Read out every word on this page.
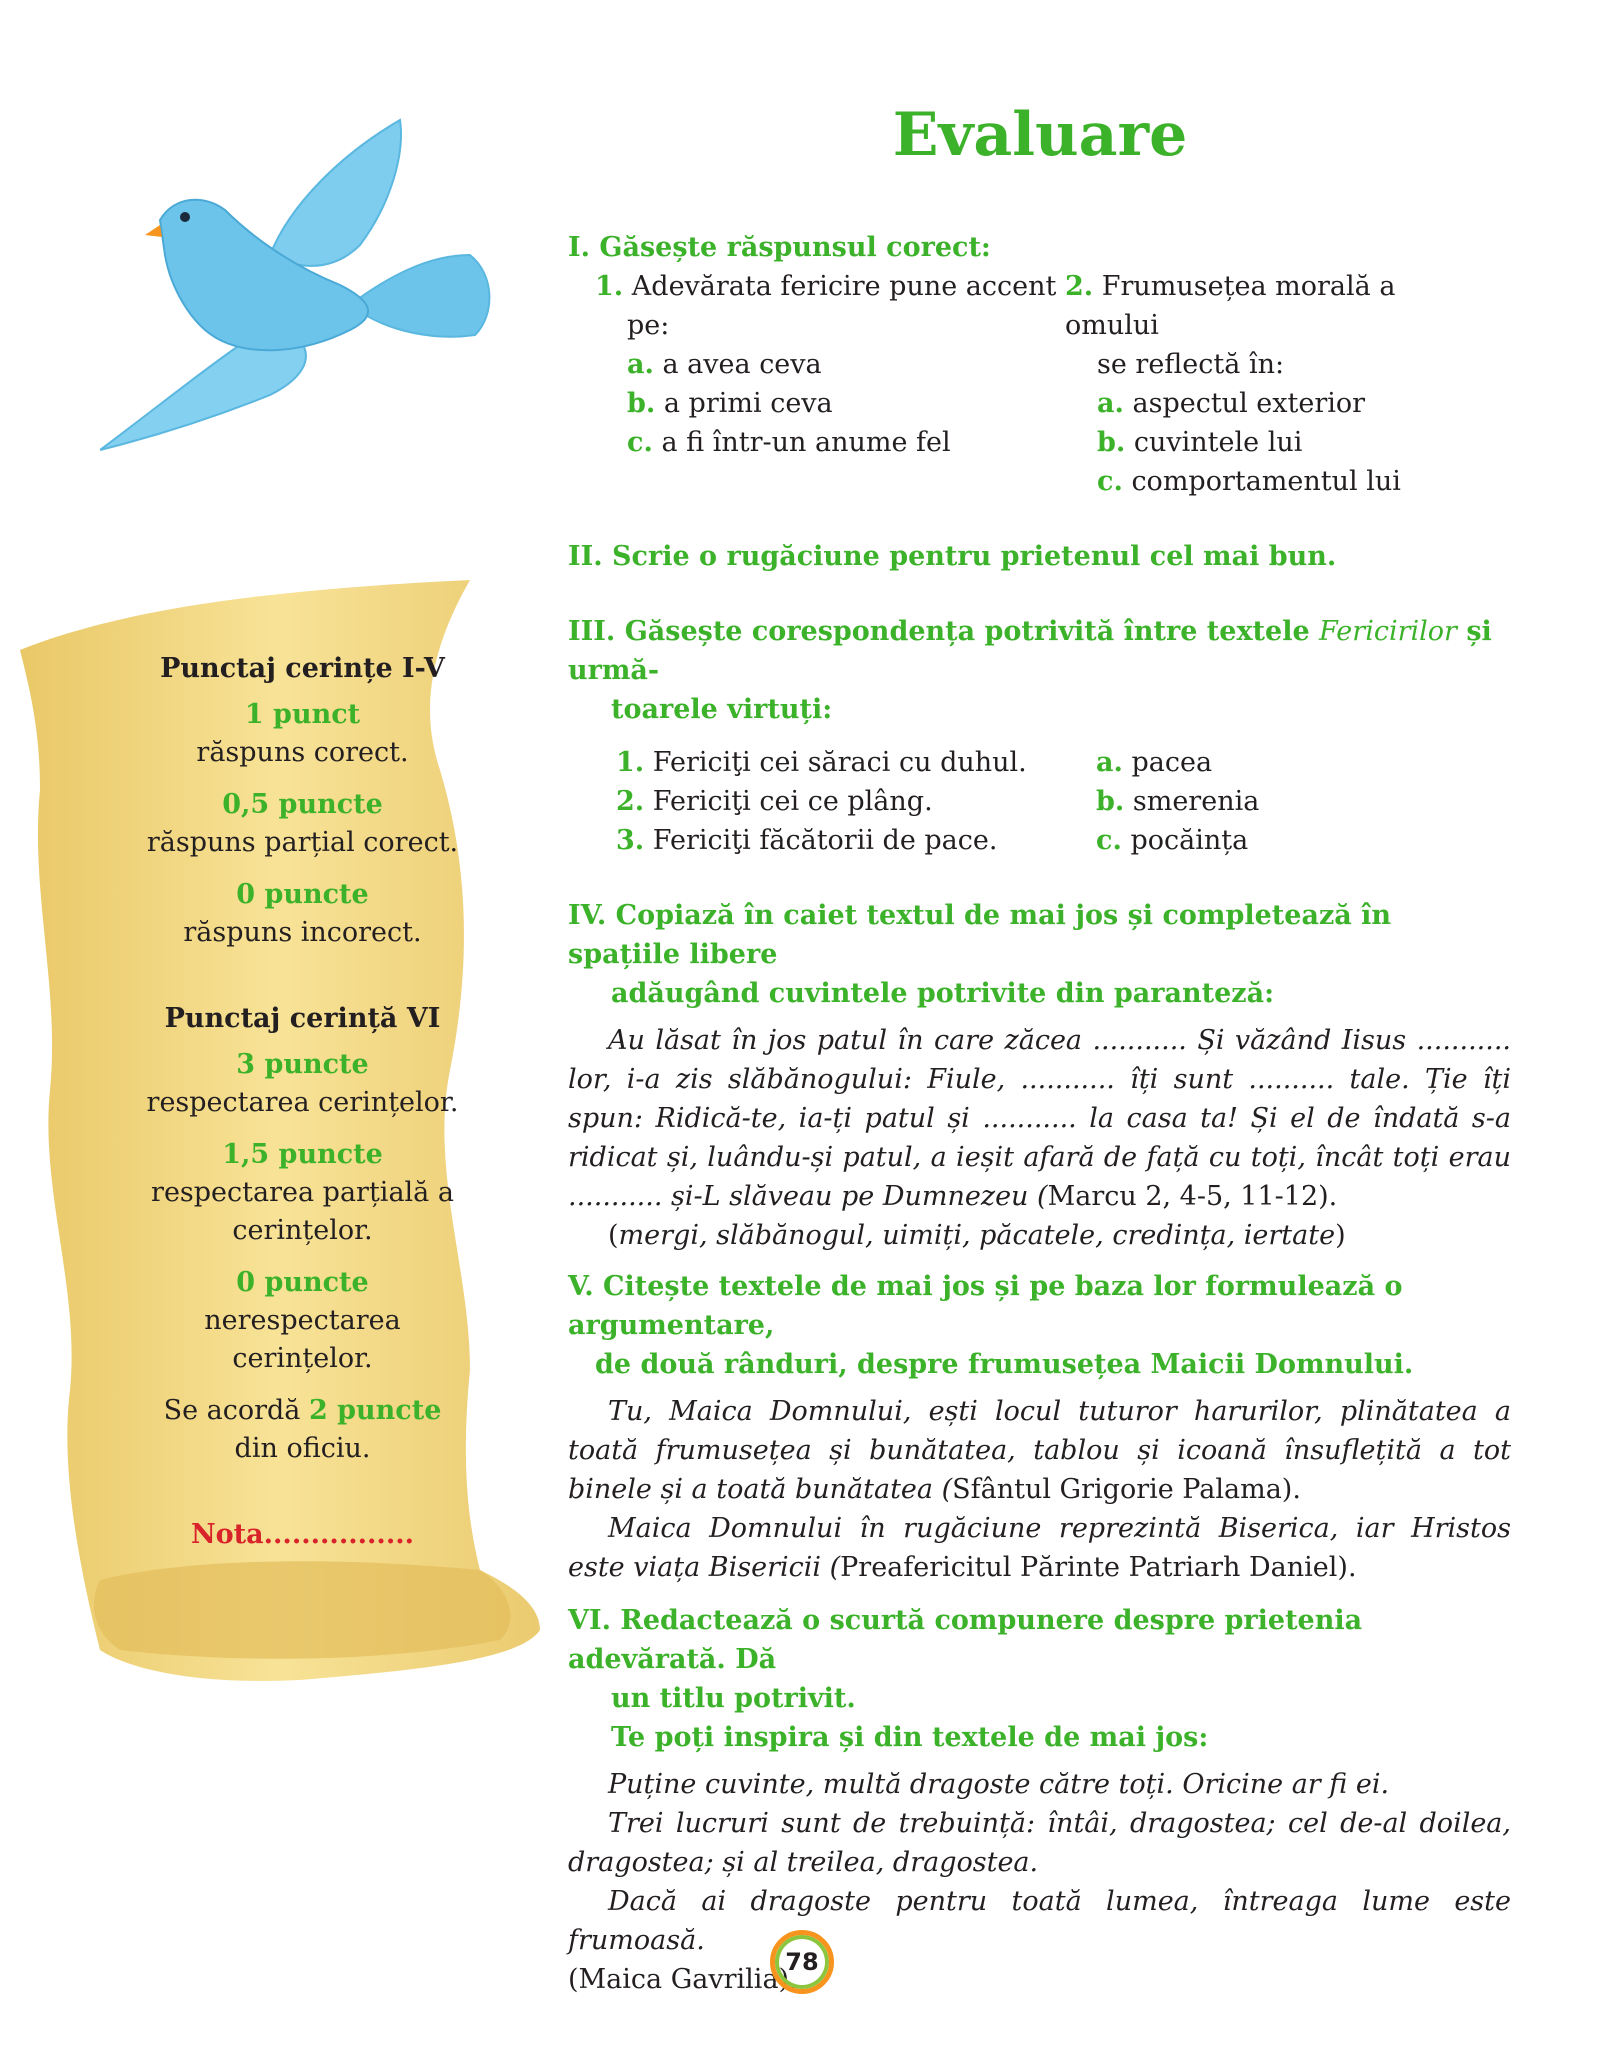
Evaluare
Punctaj cerințe I-V
1 punct
răspuns corect.
0,5 puncte
răspuns parțial corect.
0 puncte
răspuns incorect.
Punctaj cerință VI
3 puncte
respectarea cerințelor.
1,5 puncte
respectarea parțială a
cerințelor.
0 puncte
nerespectarea cerințelor.
Se acordă 2 puncte
din oficiu.
Nota................
I. Găsește răspunsul corect:
1. Adevărata fericire pune accent
pe:
a. a avea ceva
b. a primi ceva
c. a fi într-un anume fel
2. Frumusețea morală a omului
se reflectă în:
a. aspectul exterior
b. cuvintele lui
c. comportamentul lui
II. Scrie o rugăciune pentru prietenul cel mai bun.
III. Găsește corespondența potrivită între textele Fericirilor și urmă-
toarele virtuți:
1. Fericiţi cei săraci cu duhul.
2. Fericiţi cei ce plâng.
3. Fericiţi făcătorii de pace.
a. pacea
b. smerenia
c. pocăința
IV. Copiază în caiet textul de mai jos și completează în spațiile libere
adăugând cuvintele potrivite din paranteză:
Au lăsat în jos patul în care zăcea ........... Și văzând Iisus ........... lor, i-a zis slăbănogului: Fiule, ........... îți sunt .......... tale. Ție îți spun: Ridică-te, ia-ți patul și ........... la casa ta! Și el de îndată s-a ridicat și, luându-și patul, a ieșit afară de față cu toți, încât toți erau ........... și-L slăveau pe Dumnezeu (Marcu 2, 4-5, 11-12).
(mergi, slăbănogul, uimiți, păcatele, credința, iertate)
V. Citește textele de mai jos și pe baza lor formulează o argumentare,
de două rânduri, despre frumusețea Maicii Domnului.
Tu, Maica Domnului, ești locul tuturor harurilor, plinătatea a toată frumusețea și bunătatea, tablou și icoană însuflețită a tot binele și a toată bunătatea (Sfântul Grigorie Palama).
Maica Domnului în rugăciune reprezintă Biserica, iar Hristos este viața Bisericii (Preafericitul Părinte Patriarh Daniel).
VI. Redactează o scurtă compunere despre prietenia adevărată. Dă
un titlu potrivit.
Te poți inspira și din textele de mai jos:
Puține cuvinte, multă dragoste către toți. Oricine ar fi ei.
Trei lucruri sunt de trebuință: întâi, dragostea; cel de-al doilea, dragostea; și al treilea, dragostea.
Dacă ai dragoste pentru toată lumea, întreaga lume este frumoasă.
(Maica Gavrilia).
78
